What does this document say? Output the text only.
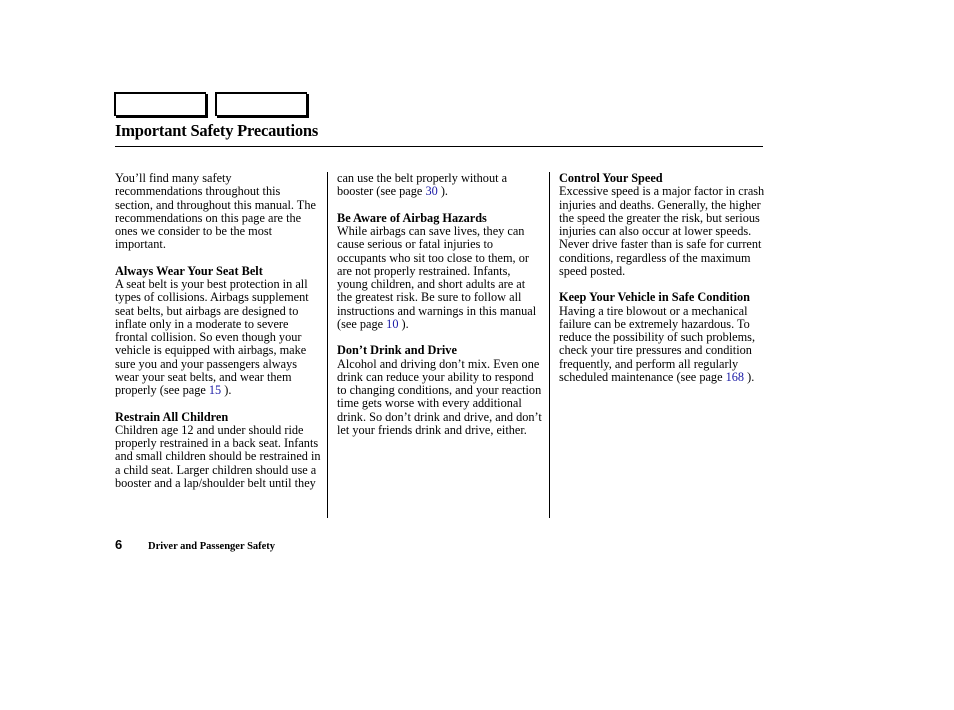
Important Safety Precautions

You’ll find many safety recommendations throughout this section, and throughout this manual. The recommendations on this page are the ones we consider to be the most important.

Always Wear Your Seat Belt

A seat belt is your best protection in all types of collisions. Airbags supplement seat belts, but airbags are designed to inflate only in a moderate to severe frontal collision. So even though your vehicle is equipped with airbags, make sure you and your passengers always wear your seat belts, and wear them properly (see page 15 ).

Restrain All Children
Children age 12 and under should ride properly restrained in a back seat. Infants and small children should be restrained in a child seat. Larger children should use a booster and a lap/shoulder belt until they

can use the belt properly without a booster (see page 30 ).

Be Aware of Airbag Hazards

While airbags can save lives, they can cause serious or fatal injuries to occupants who sit too close to them, or are not properly restrained. Infants, young children, and short adults are at the greatest risk. Be sure to follow all instructions and warnings in this manual (see page 10 ).

Don’t Drink and Drive

Alcohol and driving don’t mix. Even one drink can reduce your ability to respond to changing conditions, and your reaction time gets worse with every additional drink. So don’t drink and drive, and don’t let your friends drink and drive, either.

Control Your Speed

Excessive speed is a major factor in crash injuries and deaths. Generally, the higher the speed the greater the risk, but serious injuries can also occur at lower speeds. Never drive faster than is safe for current conditions, regardless of the maximum speed posted.

Keep Your Vehicle in Safe Condition

Having a tire blowout or a mechanical failure can be extremely hazardous. To reduce the possibility of such problems, check your tire pressures and condition frequently, and perform all regularly scheduled maintenance (see page 168 ).

6 Driver and Passenger Safety
